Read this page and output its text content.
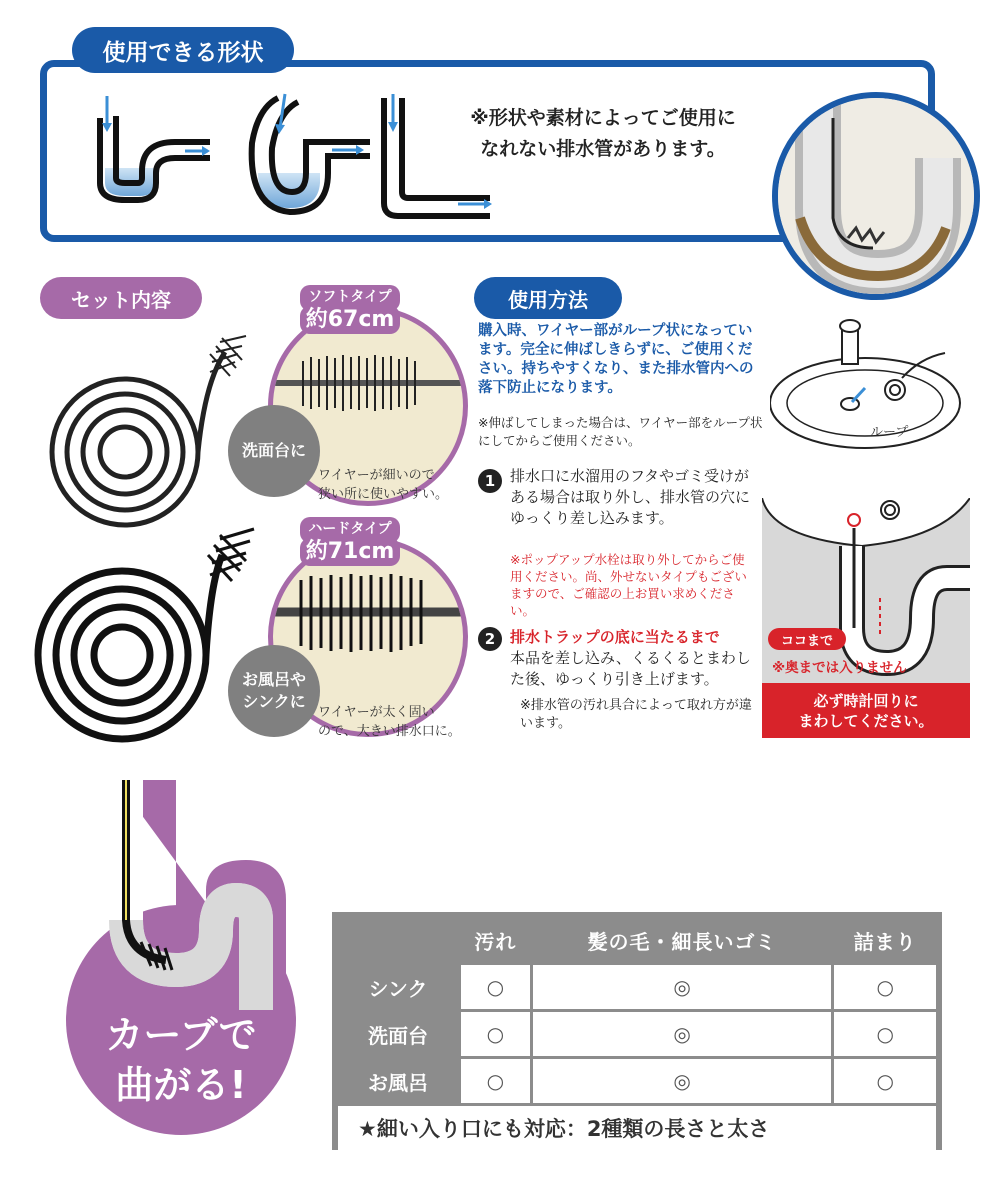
使用できる形状
※形状や素材によってご使用に
なれない排水管があります。
セット内容	ソフトタイプ
約67cm
ハードタイプ
約71cm
洗面台に
お風呂や
シンクに
ワイヤーが細いので
狭い所に使いやすい。
ワイヤーが太く固い
ので、大きい排水口に。
使用方法
購入時、ワイヤー部がループ状になっています。完全に伸ばしきらずに、ご使用ください。持ちやすくなり、また排水管内への落下防止になります。
※伸ばしてしまった場合は、ワイヤー部をループ状にしてからご使用ください。
1 排水口に水溜用のフタやゴミ受けがある場合は取り外し、排水管の穴にゆっくり差し込みます。
※ポップアップ水栓は取り外してからご使用ください。尚、外せないタイプもございますので、ご確認の上お買い求めください。
2 排水トラップの底に当たるまで
本品を差し込み、くるくるとまわした後、ゆっくり引き上げます。
※排水管の汚れ具合によって取れ方が違います。
ループ
ココまで
※奥までは入りません
必ず時計回りに
まわしてください。
カーブで
曲がる!
	汚れ	髪の毛・細長いゴミ	詰まり
シンク	○	◎	○
洗面台	○	◎	○
お風呂	○	◎	○
★細い入り口にも対応：2種類の長さと太さ			
